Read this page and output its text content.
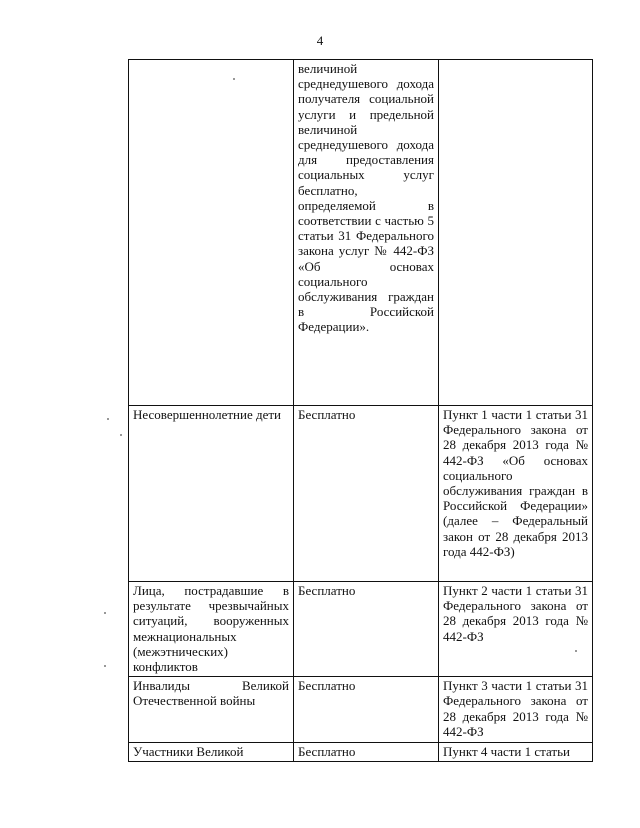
4

	величиной среднедушевого дохода получателя социальной услуги и предельной величиной среднедушевого дохода для предоставления социальных услуг бесплатно, определяемой в соответствии с частью 5 статьи 31 Федерального закона услуг № 442-ФЗ «Об основах социального обслуживания граждан в Российской Федерации».	

Несовершеннолетние дети	Бесплатно	Пункт 1 части 1 статьи 31 Федерального закона от 28 декабря 2013 года № 442-ФЗ «Об основах социального обслуживания граждан в Российской Федерации» (далее – Федеральный закон от 28 декабря 2013 года 442-ФЗ)

Лица, пострадавшие в результате чрезвычайных ситуаций, вооруженных межнациональных (межэтнических) конфликтов	Бесплатно	Пункт 2 части 1 статьи 31 Федерального закона от 28 декабря 2013 года № 442-ФЗ

Инвалиды Великой Отечественной войны	Бесплатно	Пункт 3 части 1 статьи 31 Федерального закона от 28 декабря 2013 года № 442-ФЗ

Участники Великой	Бесплатно	Пункт 4 части 1 статьи
